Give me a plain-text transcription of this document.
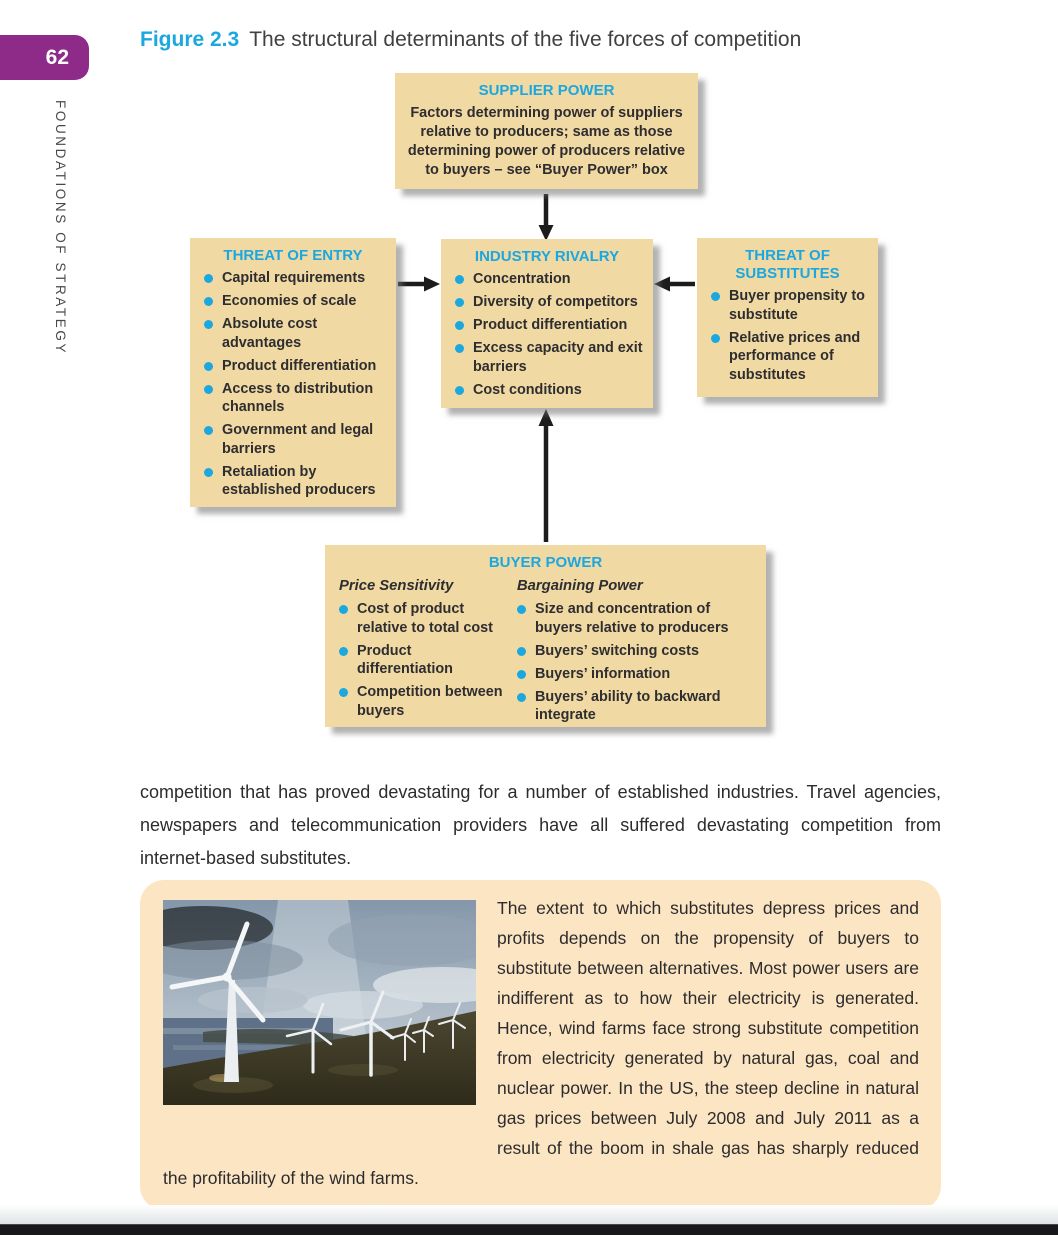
62
FOUNDATIONS OF STRATEGY
Figure 2.3 The structural determinants of the five forces of competition
SUPPLIER POWER
Factors determining power of suppliers relative to producers; same as those determining power of producers relative to buyers – see “Buyer Power” box
THREAT OF ENTRY
Capital requirements
Economies of scale
Absolute cost advantages
Product differentiation
Access to distribution channels
Government and legal barriers
Retaliation by established producers
INDUSTRY RIVALRY
Concentration
Diversity of competitors
Product differentiation
Excess capacity and exit barriers
Cost conditions
THREAT OF SUBSTITUTES
Buyer propensity to substitute
Relative prices and performance of substitutes
BUYER POWER
Price Sensitivity
Cost of product relative to total cost
Product differentiation
Competition between buyers
Bargaining Power
Size and concentration of buyers relative to producers
Buyers’ switching costs
Buyers’ information
Buyers’ ability to backward integrate

competition that has proved devastating for a number of established industries. Travel agencies, newspapers and telecommunication providers have all suffered devastating competition from internet-based substitutes.

The extent to which substitutes depress prices and profits depends on the propensity of buyers to substitute between alternatives. Most power users are indifferent as to how their electricity is generated. Hence, wind farms face strong substitute competition from electricity generated by natural gas, coal and nuclear power. In the US, the steep decline in natural gas prices between July 2008 and July 2011 as a result of the boom in shale gas has sharply reduced the profitability of the wind farms.
